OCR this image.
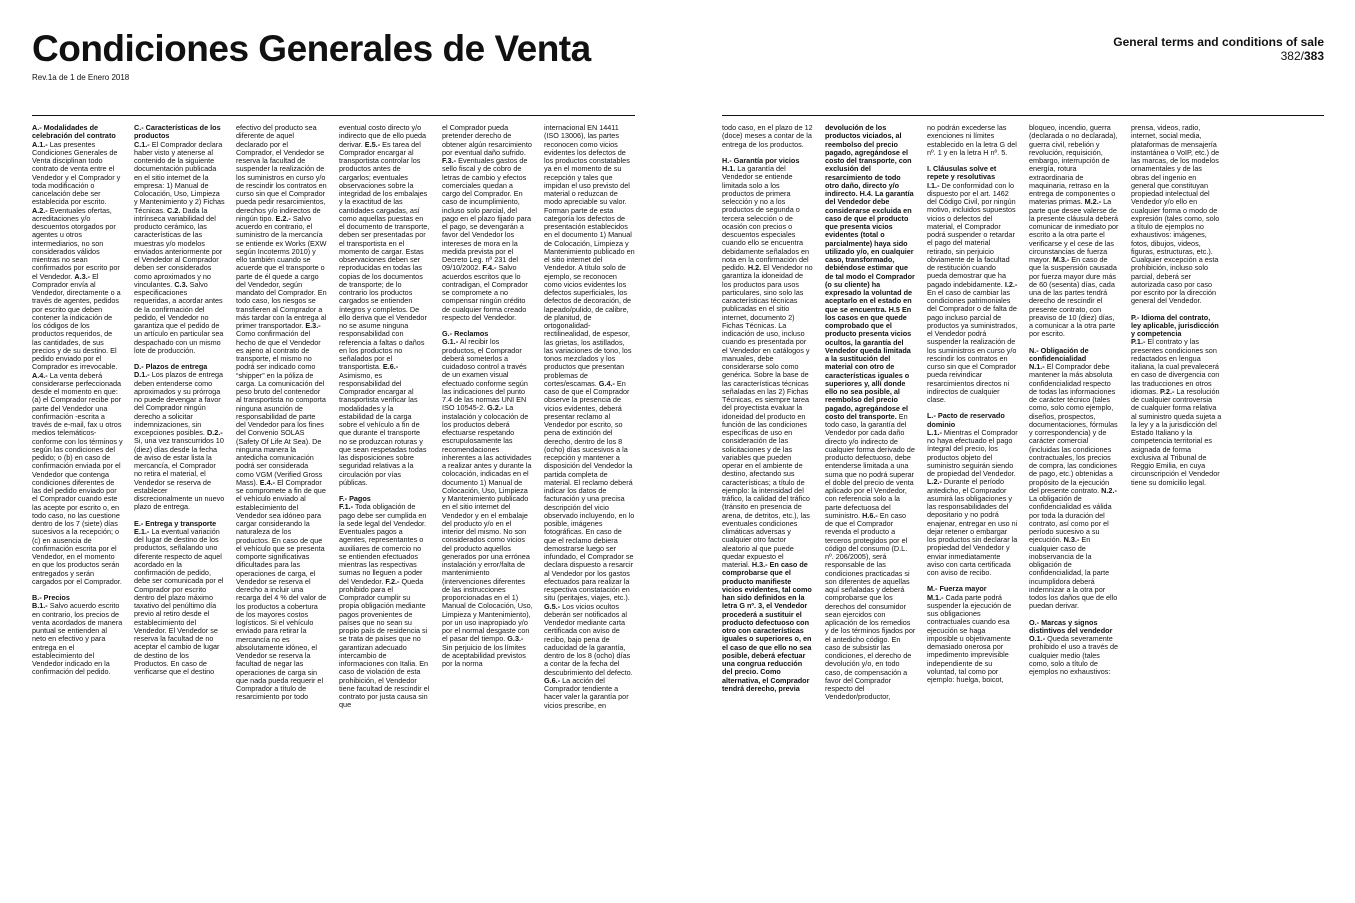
Condiciones Generales de Venta
Rev.1a de 1 de Enero 2018
General terms and conditions of sale
382/383

A.- Modalidades de celebración del contrato

A.1.- Las presentes Condiciones Generales de Venta disciplinan todo contrato de venta entre el Vendedor y el Comprador y toda modificación o cancelación debe ser establecida por escrito. A.2.- Eventuales ofertas, acreditaciones y/o descuentos otorgados por agentes u otros intermediarios, no son considerados válidos mientras no sean confirmados por escrito por el Vendedor. A.3.- El Comprador envía al Vendedor, directamente o a través de agentes, pedidos por escrito que deben contener la indicación de los códigos de los productos requeridos, de las cantidades, de sus precios y de su destino. El pedido enviado por el Comprador es irrevocable. A.4.- La venta deberá considerarse perfeccionada desde el momento en que: (a) el Comprador recibe por parte del Vendedor una confirmación -escrita a través de e-mail, fax u otros medios telemáticos- conforme con los términos y según las condiciones del pedido; o (b) en caso de confirmación enviada por el Vendedor que contenga condiciones diferentes de las del pedido enviado por el Comprador cuando este las acepte por escrito o, en todo caso, no las cuestione dentro de los 7 (siete) días sucesivos a la recepción; o (c) en ausencia de confirmación escrita por el Vendedor, en el momento en que los productos serán entregados y serán cargados por el Comprador.

B.- Precios

B.1.- Salvo acuerdo escrito en contrario, los precios de venta acordados de manera puntual se entienden al neto en efectivo y para entrega en el establecimiento del Vendedor indicado en la confirmación del pedido.

C.- Características de los productos

C.1.- El Comprador declara haber visto y atenerse al contenido de la siguiente documentación publicada en el sitio internet de la empresa: 1) Manual de Colocación, Uso, Limpieza y Mantenimiento y 2) Fichas Técnicas. C.2. Dada la intrínseca variabilidad del producto cerámico, las características de las muestras y/o modelos enviados anteriormente por el Vendedor al Comprador deben ser considerados como aproximados y no vinculantes. C.3. Salvo especificaciones requeridas, a acordar antes de la confirmación del pedido, el Vendedor no garantiza que el pedido de un artículo en particular sea despachado con un mismo lote de producción.

D.- Plazos de entrega

D.1.- Los plazos de entrega deben entenderse como aproximados y su prórroga no puede devengar a favor del Comprador ningún derecho a solicitar indemnizaciones, sin excepciones posibles. D.2.- Si, una vez transcurridos 10 (diez) días desde la fecha de aviso de estar lista la mercancía, el Comprador no retira el material, el Vendedor se reserva de establecer discrecionalmente un nuevo plazo de entrega.

E.- Entrega y transporte

E.1.- La eventual variación del lugar de destino de los productos, señalando uno diferente respecto de aquel acordado en la confirmación de pedido, debe ser comunicada por el Comprador por escrito dentro del plazo máximo taxativo del penúltimo día previo al retiro desde el establecimiento del Vendedor. El Vendedor se reserva la facultad de no aceptar el cambio de lugar de destino de los Productos. En caso de verificarse que el destino

efectivo del producto sea diferente de aquel declarado por el Comprador, el Vendedor se reserva la facultad de suspender la realización de los suministros en curso y/o de rescindir los contratos en curso sin que el Comprador pueda pedir resarcimientos, derechos y/o indirectos de ningún tipo. E.2.- Salvo acuerdo en contrario, el suministro de la mercancía se entiende ex Works (EXW según Incoterms 2010) y ello también cuando se acuerde que el transporte o parte de él quede a cargo del Vendedor, según mandato del Comprador. En todo caso, los riesgos se transfieren al Comprador a más tardar con la entrega al primer transportador. E.3.- Como confirmación del hecho de que el Vendedor es ajeno al contrato de transporte, el mismo no podrá ser indicado como “shipper” en la póliza de carga. La comunicación del peso bruto del contenedor al transportista no comporta ninguna asunción de responsabilidad de parte del Vendedor para los fines del Convenio SOLAS (Safety Of Life At Sea). De ninguna manera la antedicha comunicación podrá ser considerada como VGM (Verified Gross Mass). E.4.- El Comprador se compromete a fin de que el vehículo enviado al establecimiento del Vendedor sea idóneo para cargar considerando la naturaleza de los productos. En caso de que el vehículo que se presenta comporte significativas dificultades para las operaciones de carga, el Vendedor se reserva el derecho a incluir una recarga del 4 % del valor de los productos a cobertura de los mayores costos logísticos. Si el vehículo enviado para retirar la mercancía no es absolutamente idóneo, el Vendedor se reserva la facultad de negar las operaciones de carga sin que nada pueda requerir el Comprador a título de resarcimiento por todo

eventual costo directo y/o indirecto que de ello pueda derivar. E.5.- Es tarea del Comprador encargar al transportista controlar los productos antes de cargarlos; eventuales observaciones sobre la integridad de los embalajes y la exactitud de las cantidades cargadas, así como aquellas puestas en el documento de transporte, deben ser presentadas por el transportista en el momento de cargar. Estas observaciones deben ser reproducidas en todas las copias de los documentos de transporte; de lo contrario los productos cargados se entienden íntegros y completos. De ello deriva que el Vendedor no se asume ninguna responsabilidad con referencia a faltas o daños en los productos no señalados por el transportista. E.6.- Asimismo, es responsabilidad del Comprador encargar al transportista verificar las modalidades y la estabilidad de la carga sobre el vehículo a fin de que durante el transporte no se produzcan roturas y que sean respetadas todas las disposiciones sobre seguridad relativas a la circulación por vías públicas.

F.- Pagos

F.1.- Toda obligación de pago debe ser cumplida en la sede legal del Vendedor. Eventuales pagos a agentes, representantes o auxiliares de comercio no se entienden efectuados mientras las respectivas sumas no lleguen a poder del Vendedor. F.2.- Queda prohibido para el Comprador cumplir su propia obligación mediante pagos provenientes de países que no sean su propio país de residencia si se trata de países que no garantizan adecuado intercambio de informaciones con Italia. En caso de violación de esta prohibición, el Vendedor tiene facultad de rescindir el contrato por justa causa sin que

el Comprador pueda pretender derecho de obtener algún resarcimiento por eventual daño sufrido. F.3.- Eventuales gastos de sello fiscal y de cobro de letras de cambio y efectos comerciales quedan a cargo del Comprador. En caso de incumplimiento, incluso solo parcial, del pago en el plazo fijado para el pago, se devengarán a favor del Vendedor los intereses de mora en la medida prevista por el Decreto Leg. nº 231 del 09/10/2002. F.4.- Salvo acuerdos escritos que lo contradigan, el Comprador se compromete a no compensar ningún crédito de cualquier forma creado respecto del Vendedor.

G.- Reclamos

G.1.- Al recibir los productos, el Comprador deberá someterlos a cuidadoso control a través de un examen visual efectuado conforme según las indicaciones del punto 7.4 de las normas UNI EN ISO 10545-2. G.2.- La instalación y colocación de los productos deberá efectuarse respetando escrupulosamente las recomendaciones inherentes a las actividades a realizar antes y durante la colocación, indicadas en el documento 1) Manual de Colocación, Uso, Limpieza y Mantenimiento publicado en el sitio internet del Vendedor y en el embalaje del producto y/o en el interior del mismo. No son considerados como vicios del producto aquellos generados por una errónea instalación y error/falta de mantenimiento (intervenciones diferentes de las instrucciones proporcionadas en el 1) Manual de Colocación, Uso, Limpieza y Mantenimiento), por un uso inapropiado y/o por el normal desgaste con el pasar del tiempo. G.3.- Sin perjuicio de los límites de aceptabilidad previstos por la norma

internacional EN 14411 (ISO 13006), las partes reconocen como vicios evidentes los defectos de los productos constatables ya en el momento de su recepción y tales que impidan el uso previsto del material o reduzcan de modo apreciable su valor. Forman parte de esta categoría los defectos de presentación establecidos en el documento 1) Manual de Colocación, Limpieza y Mantenimiento publicado en el sitio internet del Vendedor. A título solo de ejemplo, se reconocen como vicios evidentes los defectos superficiales, los defectos de decoración, de lapeado/pulido, de calibre, de planitud, de ortogonalidad-rectilinealidad, de espesor, las grietas, los astillados, las variaciones de tono, los tonos mezclados y los productos que presentan problemas de cortes/escamas. G.4.- En caso de que el Comprador observe la presencia de vicios evidentes, deberá presentar reclamo al Vendedor por escrito, so pena de extinción del derecho, dentro de los 8 (ocho) días sucesivos a la recepción y mantener a disposición del Vendedor la partida completa de material. El reclamo deberá indicar los datos de facturación y una precisa descripción del vicio observado incluyendo, en lo posible, imágenes fotográficas. En caso de que el reclamo debiera demostrarse luego ser infundado, el Comprador se declara dispuesto a resarcir al Vendedor por los gastos efectuados para realizar la respectiva constatación en situ (peritajes, viajes, etc.). G.5.- Los vicios ocultos deberán ser notificados al Vendedor mediante carta certificada con aviso de recibo, bajo pena de caducidad de la garantía, dentro de los 8 (ocho) días a contar de la fecha del descubrimiento del defecto. G.6.- La acción del Comprador tendiente a hacer valer la garantía por vicios prescribe, en

todo caso, en el plazo de 12 (doce) meses a contar de la entrega de los productos.

H.- Garantía por vicios

H.1. La garantía del Vendedor se entiende limitada solo a los productos de primera selección y no a los productos de segunda o tercera selección o de ocasión con precios o descuentos especiales cuando ello se encuentra debidamente señalados en nota en la confirmación del pedido. H.2. El Vendedor no garantiza la idoneidad de los productos para usos particulares, sino solo las características técnicas publicadas en el sitio internet, documento 2) Fichas Técnicas. La indicación de uso, incluso cuando es presentada por el Vendedor en catálogos y manuales, debe considerarse solo como genérica. Sobre la base de las características técnicas señaladas en las 2) Fichas Técnicas, es siempre tarea del proyectista evaluar la idoneidad del producto en función de las condiciones específicas de uso en consideración de las solicitaciones y de las variables que pueden operar en el ambiente de destino, afectando sus características; a título de ejemplo: la intensidad del tráfico, la calidad del tráfico (tránsito en presencia de arena, de detritos, etc.), las eventuales condiciones climáticas adversas y cualquier otro factor aleatorio al que puede quedar expuesto el material. H.3.- En caso de comprobarse que el producto manifieste vicios evidentes, tal como han sido definidos en la letra G nº. 3, el Vendedor procederá a sustituir el producto defectuoso con otro con características iguales o superiores o, en el caso de que ello no sea posible, deberá efectuar una congrua reducción del precio. Como alternativa, el Comprador tendrá derecho, previa

devolución de los productos viciados, al reembolso del precio pagado, agregándose el costo del transporte, con exclusión del resarcimiento de todo otro daño, directo y/o indirecto. H.4. La garantía del Vendedor debe considerarse excluida en caso de que el producto que presenta vicios evidentes (total o parcialmente) haya sido utilizado y/o, en cualquier caso, transformado, debiéndose estimar que de tal modo el Comprador (o su cliente) ha expresado la voluntad de aceptarlo en el estado en que se encuentra. H.5 En los casos en que quede comprobado que el producto presenta vicios ocultos, la garantía del Vendedor queda limitada a la sustitución del material con otro de características iguales o superiores y, allí donde ello no sea posible, al reembolso del precio pagado, agregándose el costo del transporte. En todo caso, la garantía del Vendedor por cada daño directo y/o indirecto de cualquier forma derivado de producto defectuoso, debe entenderse limitada a una suma que no podrá superar el doble del precio de venta aplicado por el Vendedor, con referencia solo a la parte defectuosa del suministro. H.6.- En caso de que el Comprador revenda el producto a terceros protegidos por el código del consumo (D.L. nº. 206/2005), será responsable de las condiciones practicadas si son diferentes de aquellas aquí señaladas y deberá comprobarse que los derechos del consumidor sean ejercidos con aplicación de los remedios y de los términos fijados por el antedicho código. En caso de subsistir las condiciones, el derecho de devolución y/o, en todo caso, de compensación a favor del Comprador respecto del Vendedor/productor,

no podrán excederse las exenciones ni límites establecido en la letra G del nº. 1 y en la letra H nº. 5.

I. Cláusulas solve et repete y resolutivas

I.1.- De conformidad con lo dispuesto por el art. 1462 del Código Civil, por ningún motivo, incluidos supuestos vicios o defectos del material, el Comprador podrá suspender o retardar el pago del material retirado, sin perjuicio obviamente de la facultad de restitución cuando pueda demostrar que ha pagado indebidamente. I.2.- En el caso de cambiar las condiciones patrimoniales del Comprador o de falta de pago incluso parcial de productos ya suministrados, el Vendedor podrá suspender la realización de los suministros en curso y/o rescindir los contratos en curso sin que el Comprador pueda reivindicar resarcimientos directos ni indirectos de cualquier clase.

L.- Pacto de reservado dominio

L.1.- Mientras el Comprador no haya efectuado el pago íntegral del precio, los productos objeto del suministro seguirán siendo de propiedad del Vendedor. L.2.- Durante el período antedicho, el Comprador asumirá las obligaciones y las responsabilidades del depositario y no podrá enajenar, entregar en uso ni dejar retener o embargar los productos sin declarar la propiedad del Vendedor y enviar inmediatamente aviso con carta certificada con aviso de recibo.

M.- Fuerza mayor

M.1.- Cada parte podrá suspender la ejecución de sus obligaciones contractuales cuando esa ejecución se haga imposible u objetivamente demasiado onerosa por impedimento imprevisible independiente de su voluntad, tal como por ejemplo: huelga, boicot,

bloqueo, incendio, guerra (declarada o no declarada), guerra civil, rebelión y revolución, requisición, embargo, interrupción de energía, rotura extraordinaria de maquinaria, retraso en la entrega de componentes o materias primas. M.2.- La parte que desee valerse de la presente cláusula deberá comunicar de inmediato por escrito a la otra parte el verificarse y el cese de las circunstancias de fuerza mayor. M.3.- En caso de que la suspensión causada por fuerza mayor dure más de 60 (sesenta) días, cada una de las partes tendrá derecho de rescindir el presente contrato, con preaviso de 10 (diez) días, a comunicar a la otra parte por escrito.

N.- Obligación de confidencialidad

N.1.- El Comprador debe mantener la más absoluta confidencialidad respecto de todas las informaciones de carácter técnico (tales como, solo como ejemplo, diseños, prospectos, documentaciones, fórmulas y correspondencia) y de carácter comercial (incluidas las condiciones contractuales, los precios de compra, las condiciones de pago, etc.) obtenidas a propósito de la ejecución del presente contrato. N.2.- La obligación de confidencialidad es válida por toda la duración del contrato, así como por el período sucesivo a su ejecución. N.3.- En cualquier caso de inobservancia de la obligación de confidencialidad, la parte incumplidora deberá indemnizar a la otra por todos los daños que de ello puedan derivar.

O.- Marcas y signos distintivos del vendedor

O.1.- Queda severamente prohibido el uso a través de cualquier medio (tales como, solo a título de ejemplos no exhaustivos:

prensa, videos, radio, internet, social media, plataformas de mensajería instantánea o VoIP, etc.) de las marcas, de los modelos ornamentales y de las obras del ingenio en general que constituyan propiedad intelectual del Vendedor y/o ello en cualquier forma o modo de expresión (tales como, solo a título de ejemplos no exhaustivos: imágenes, fotos, dibujos, videos, figuras, estructuras, etc.). Cualquier excepción a esta prohibición, incluso solo parcial, deberá ser autorizada caso por caso por escrito por la dirección general del Vendedor.

P.- Idioma del contrato, ley aplicable, jurisdicción y competencia

P.1.- El contrato y las presentes condiciones son redactados en lengua italiana, la cual prevalecerá en caso de divergencia con las traducciones en otros idiomas. P.2.- La resolución de cualquier controversia de cualquier forma relativa al suministro queda sujeta a la ley y a la jurisdicción del Estado Italiano y la competencia territorial es asignada de forma exclusiva al Tribunal de Reggio Emilia, en cuya circunscripción el Vendedor tiene su domicilio legal.
